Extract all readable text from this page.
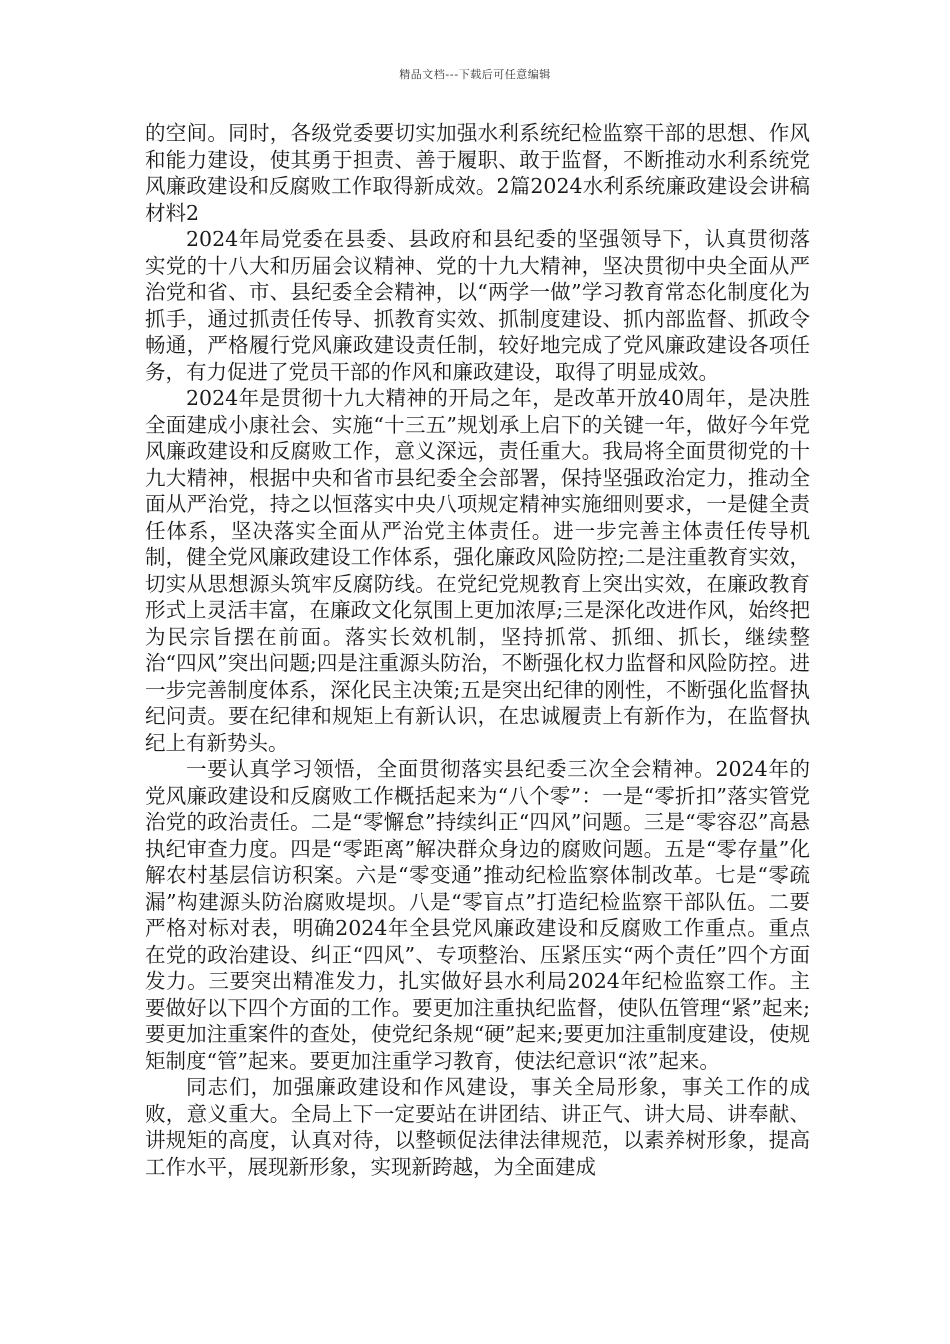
精品文档---下载后可任意编辑

的空间。同时，各级党委要切实加强水利系统纪检监察干部的思想、作风和能力建设，使其勇于担责、善于履职、敢于监督，不断推动水利系统党风廉政建设和反腐败工作取得新成效。2篇2024水利系统廉政建设会讲稿材料2

2024年局党委在县委、县政府和县纪委的坚强领导下，认真贯彻落实党的十八大和历届会议精神、党的十九大精神，坚决贯彻中央全面从严治党和省、市、县纪委全会精神，以“两学一做”学习教育常态化制度化为抓手，通过抓责任传导、抓教育实效、抓制度建设、抓内部监督、抓政令畅通，严格履行党风廉政建设责任制，较好地完成了党风廉政建设各项任务，有力促进了党员干部的作风和廉政建设，取得了明显成效。

2024年是贯彻十九大精神的开局之年，是改革开放40周年，是决胜全面建成小康社会、实施“十三五”规划承上启下的关键一年，做好今年党风廉政建设和反腐败工作，意义深远，责任重大。我局将全面贯彻党的十九大精神，根据中央和省市县纪委全会部署，保持坚强政治定力，推动全面从严治党，持之以恒落实中央八项规定精神实施细则要求，一是健全责任体系，坚决落实全面从严治党主体责任。进一步完善主体责任传导机制，健全党风廉政建设工作体系，强化廉政风险防控;二是注重教育实效，切实从思想源头筑牢反腐防线。在党纪党规教育上突出实效，在廉政教育形式上灵活丰富，在廉政文化氛围上更加浓厚;三是深化改进作风，始终把为民宗旨摆在前面。落实长效机制，坚持抓常、抓细、抓长，继续整治“四风”突出问题;四是注重源头防治，不断强化权力监督和风险防控。进一步完善制度体系，深化民主决策;五是突出纪律的刚性，不断强化监督执纪问责。要在纪律和规矩上有新认识，在忠诚履责上有新作为，在监督执纪上有新势头。

一要认真学习领悟，全面贯彻落实县纪委三次全会精神。2024年的党风廉政建设和反腐败工作概括起来为“八个零”：一是“零折扣”落实管党治党的政治责任。二是“零懈怠”持续纠正“四风”问题。三是“零容忍”高悬执纪审查力度。四是“零距离”解决群众身边的腐败问题。五是“零存量”化解农村基层信访积案。六是“零变通”推动纪检监察体制改革。七是“零疏漏”构建源头防治腐败堤坝。八是“零盲点”打造纪检监察干部队伍。二要严格对标对表，明确2024年全县党风廉政建设和反腐败工作重点。重点在党的政治建设、纠正“四风”、专项整治、压紧压实“两个责任”四个方面发力。三要突出精准发力，扎实做好县水利局2024年纪检监察工作。主要做好以下四个方面的工作。要更加注重执纪监督，使队伍管理“紧”起来;要更加注重案件的查处，使党纪条规“硬”起来;要更加注重制度建设，使规矩制度“管”起来。要更加注重学习教育，使法纪意识“浓”起来。

同志们，加强廉政建设和作风建设，事关全局形象，事关工作的成败，意义重大。全局上下一定要站在讲团结、讲正气、讲大局、讲奉献、讲规矩的高度，认真对待，以整顿促法律法律规范，以素养树形象，提高工作水平，展现新形象，实现新跨越，为全面建成
